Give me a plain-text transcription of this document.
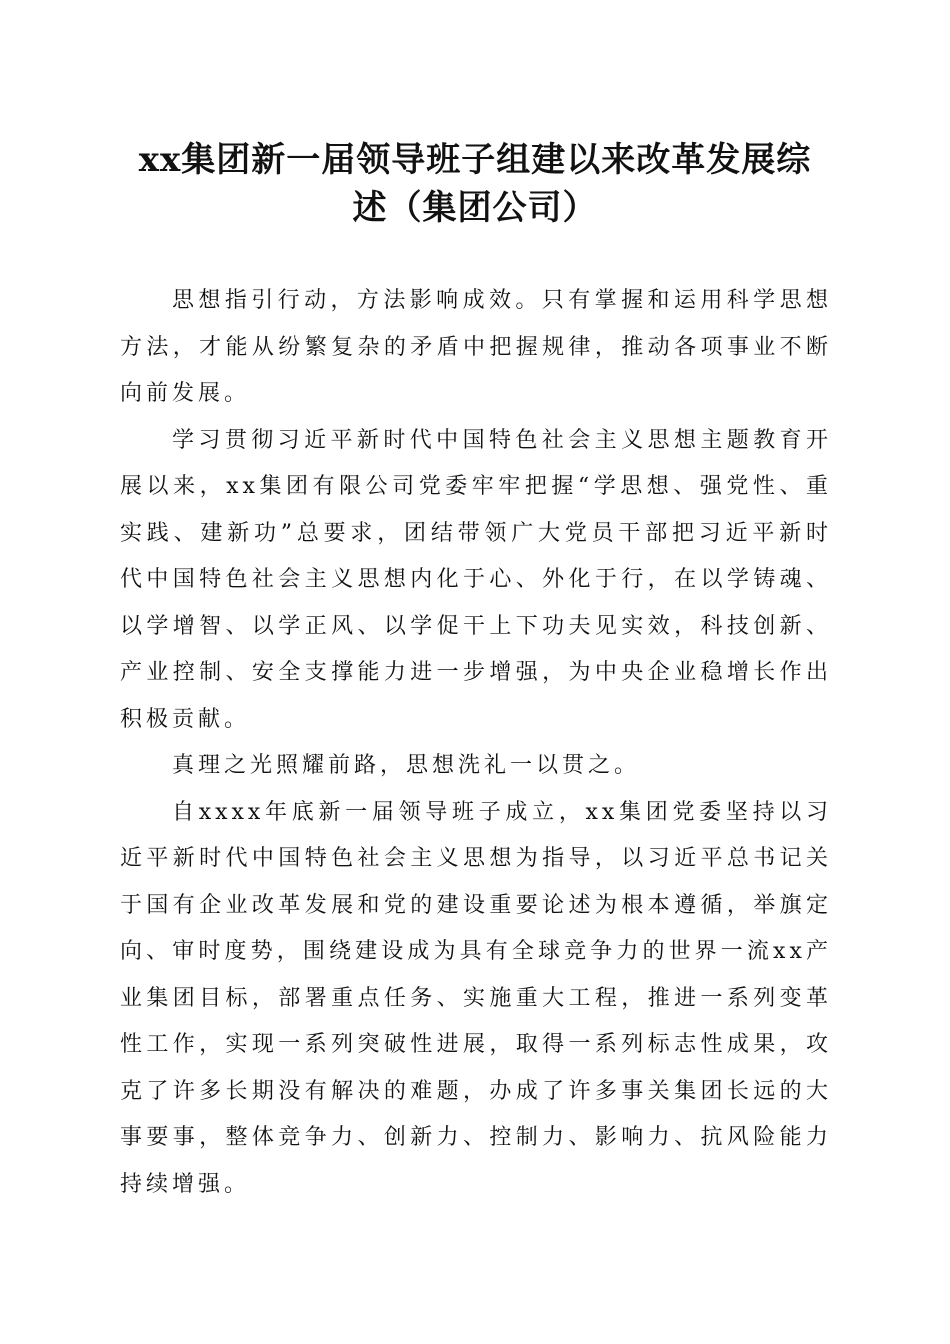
xx集团新一届领导班子组建以来改革发展综
述（集团公司）

思想指引行动，方法影响成效。只有掌握和运用科学思想方法，才能从纷繁复杂的矛盾中把握规律，推动各项事业不断向前发展。

学习贯彻习近平新时代中国特色社会主义思想主题教育开展以来，xx集团有限公司党委牢牢把握“学思想、强党性、重实践、建新功”总要求，团结带领广大党员干部把习近平新时代中国特色社会主义思想内化于心、外化于行，在以学铸魂、以学增智、以学正风、以学促干上下功夫见实效，科技创新、产业控制、安全支撑能力进一步增强，为中央企业稳增长作出积极贡献。

真理之光照耀前路，思想洗礼一以贯之。

自xxxx年底新一届领导班子成立，xx集团党委坚持以习近平新时代中国特色社会主义思想为指导，以习近平总书记关于国有企业改革发展和党的建设重要论述为根本遵循，举旗定向、审时度势，围绕建设成为具有全球竞争力的世界一流xx产业集团目标，部署重点任务、实施重大工程，推进一系列变革性工作，实现一系列突破性进展，取得一系列标志性成果，攻克了许多长期没有解决的难题，办成了许多事关集团长远的大事要事，整体竞争力、创新力、控制力、影响力、抗风险能力持续增强。
